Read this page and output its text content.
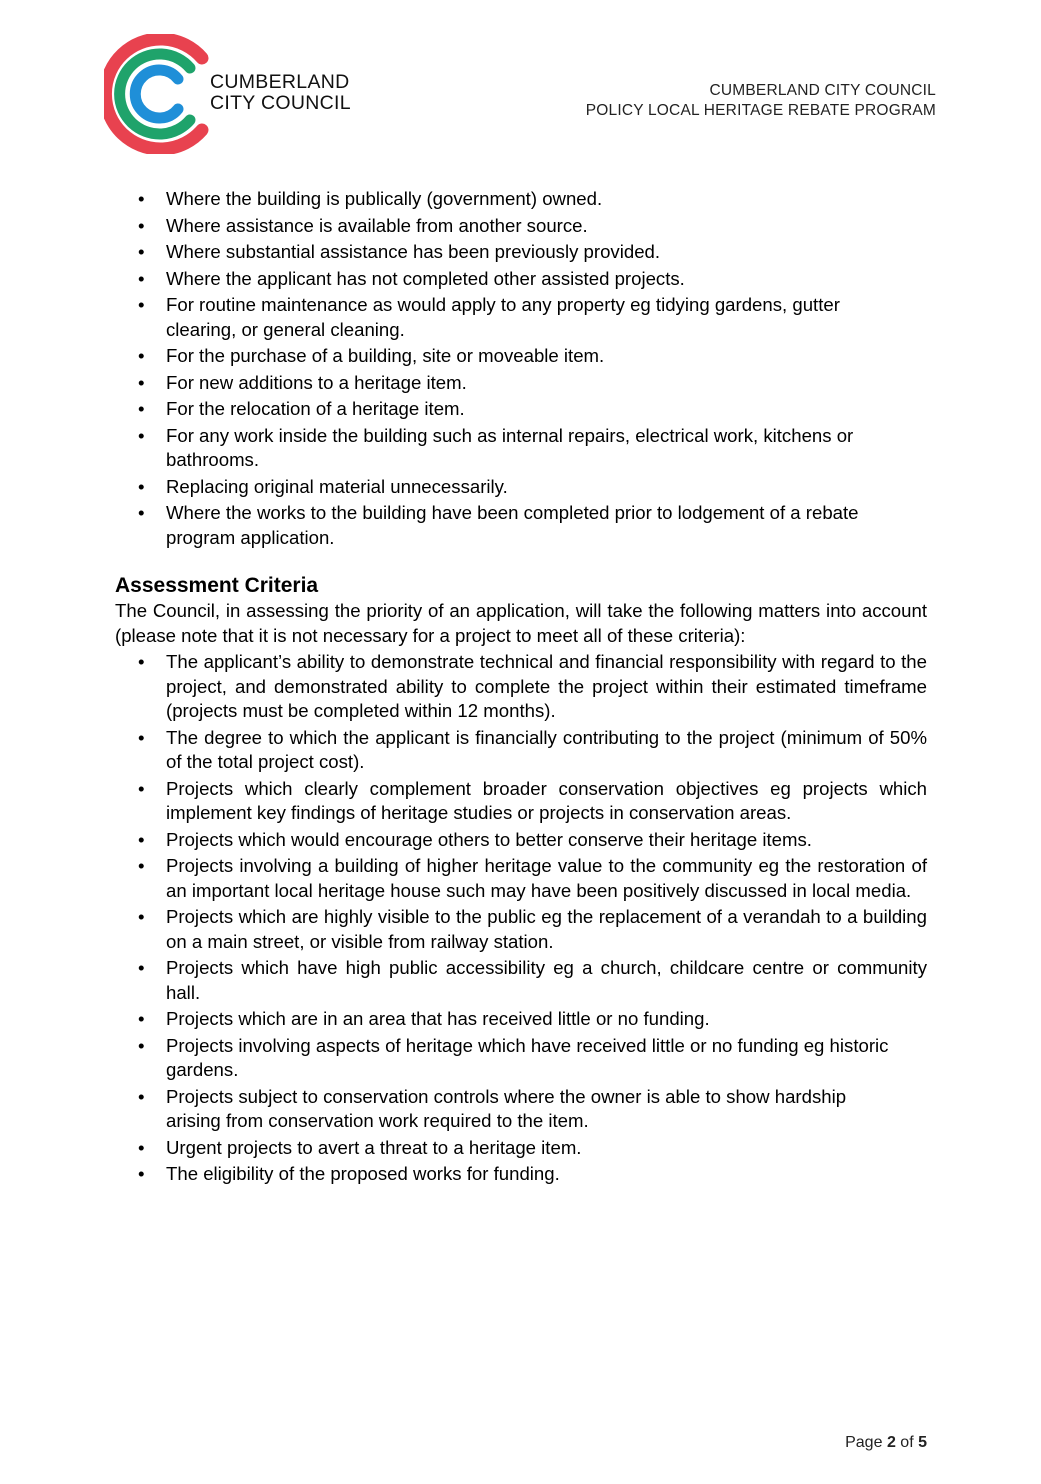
CUMBERLAND
CITY COUNCIL
CUMBERLAND CITY COUNCIL
POLICY LOCAL HERITAGE REBATE PROGRAM
• Where the building is publically (government) owned.
• Where assistance is available from another source.
• Where substantial assistance has been previously provided.
• Where the applicant has not completed other assisted projects.
• For routine maintenance as would apply to any property eg tidying gardens, gutter clearing, or general cleaning.
• For the purchase of a building, site or moveable item.
• For new additions to a heritage item.
• For the relocation of a heritage item.
• For any work inside the building such as internal repairs, electrical work, kitchens or bathrooms.
• Replacing original material unnecessarily.
• Where the works to the building have been completed prior to lodgement of a rebate program application.
Assessment Criteria
The Council, in assessing the priority of an application, will take the following matters into account (please note that it is not necessary for a project to meet all of these criteria):
• The applicant’s ability to demonstrate technical and financial responsibility with regard to the project, and demonstrated ability to complete the project within their estimated timeframe (projects must be completed within 12 months).
• The degree to which the applicant is financially contributing to the project (minimum of 50% of the total project cost).
• Projects which clearly complement broader conservation objectives eg projects which implement key findings of heritage studies or projects in conservation areas.
• Projects which would encourage others to better conserve their heritage items.
• Projects involving a building of higher heritage value to the community eg the restoration of an important local heritage house such may have been positively discussed in local media.
• Projects which are highly visible to the public eg the replacement of a verandah to a building on a main street, or visible from railway station.
• Projects which have high public accessibility eg a church, childcare centre or community hall.
• Projects which are in an area that has received little or no funding.
• Projects involving aspects of heritage which have received little or no funding eg historic gardens.
• Projects subject to conservation controls where the owner is able to show hardship arising from conservation work required to the item.
• Urgent projects to avert a threat to a heritage item.
• The eligibility of the proposed works for funding.
Page 2 of 5
